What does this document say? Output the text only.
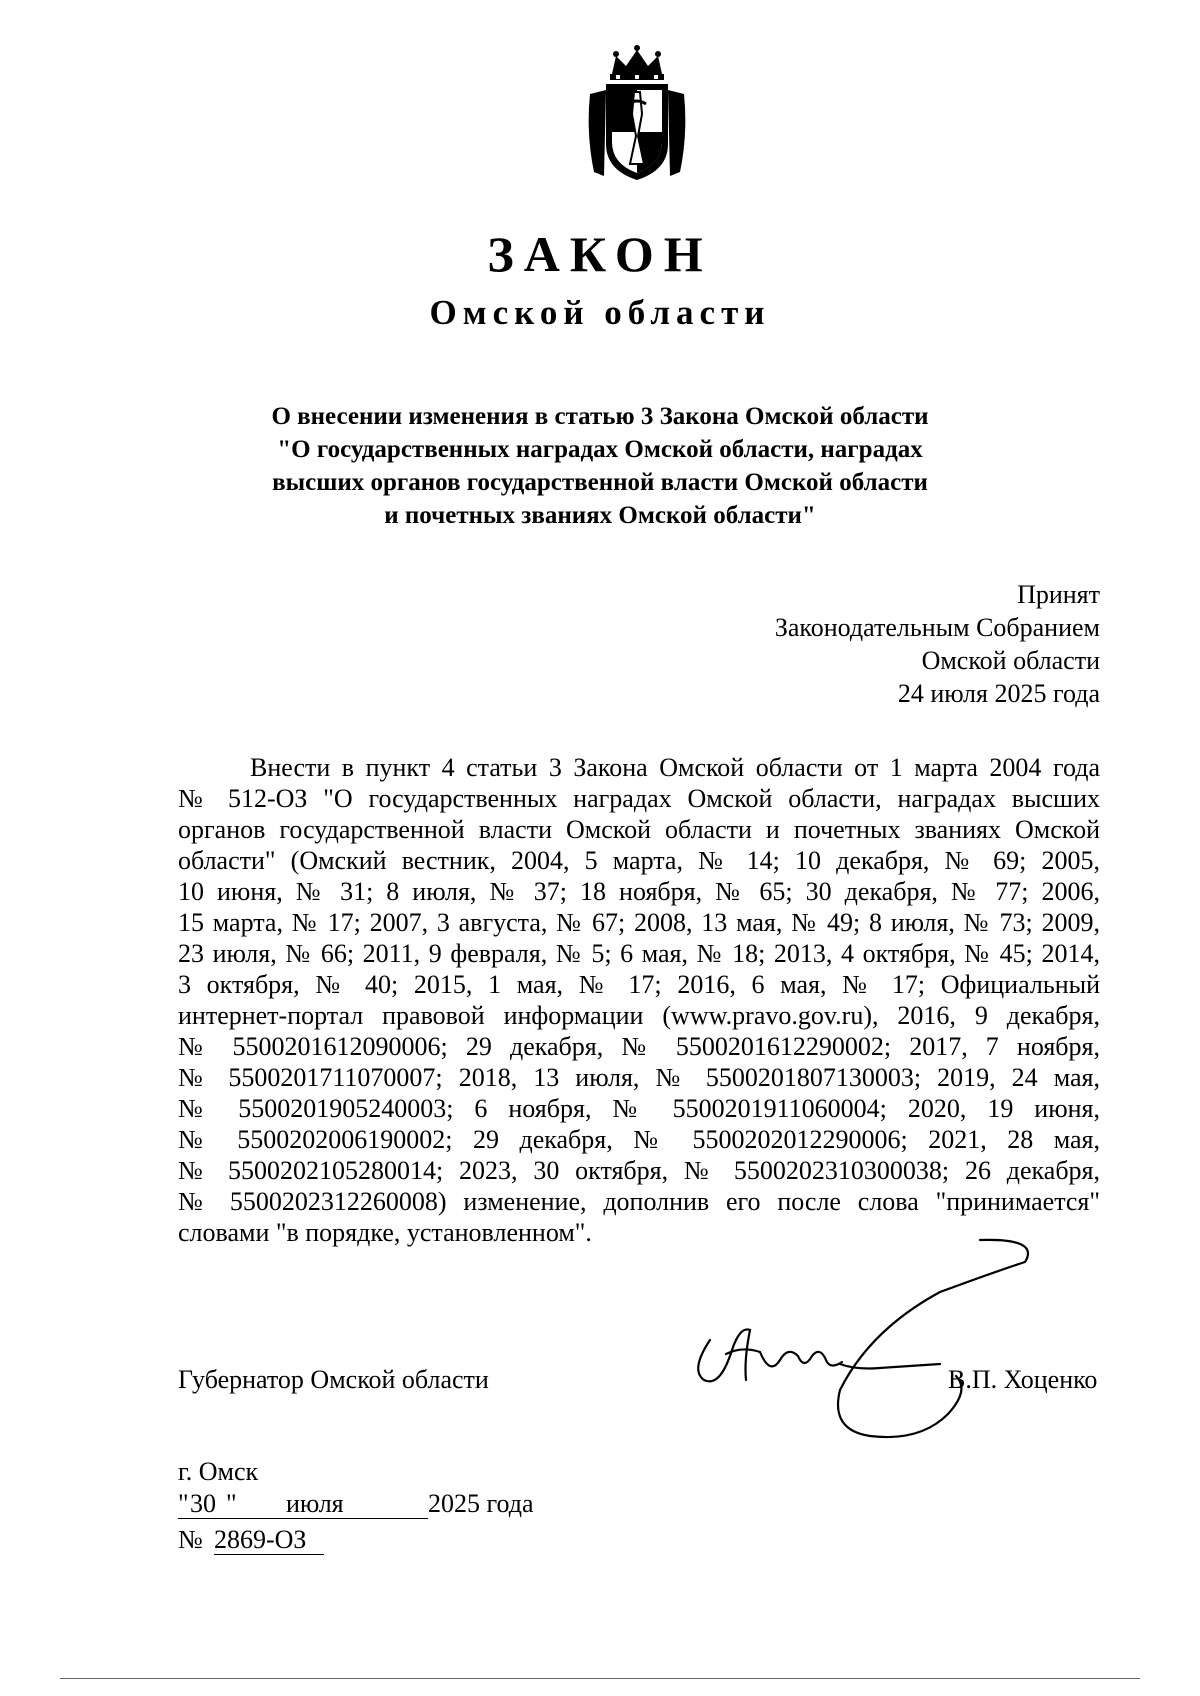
ЗАКОН
Омской области
О внесении изменения в статью 3 Закона Омской области
"О государственных наградах Омской области, наградах
высших органов государственной власти Омской области
и почетных званиях Омской области"
Принят
Законодательным Собранием
Омской области
24 июля 2025 года
Внести в пункт 4 статьи 3 Закона Омской области от 1 марта 2004 года
№ 512-ОЗ "О государственных наградах Омской области, наградах высших
органов государственной власти Омской области и почетных званиях Омской
области" (Омский вестник, 2004, 5 марта, № 14; 10 декабря, № 69; 2005,
10 июня, № 31; 8 июля, № 37; 18 ноября, № 65; 30 декабря, № 77; 2006,
15 марта, № 17; 2007, 3 августа, № 67; 2008, 13 мая, № 49; 8 июля, № 73; 2009,
23 июля, № 66; 2011, 9 февраля, № 5; 6 мая, № 18; 2013, 4 октября, № 45; 2014,
3 октября, № 40; 2015, 1 мая, № 17; 2016, 6 мая, № 17; Официальный
интернет-портал правовой информации (www.pravo.gov.ru), 2016, 9 декабря,
№ 5500201612090006; 29 декабря, № 5500201612290002; 2017, 7 ноября,
№ 5500201711070007; 2018, 13 июля, № 5500201807130003; 2019, 24 мая,
№ 5500201905240003; 6 ноября, № 5500201911060004; 2020, 19 июня,
№ 5500202006190002; 29 декабря, № 5500202012290006; 2021, 28 мая,
№ 5500202105280014; 2023, 30 октября, № 5500202310300038; 26 декабря,
№ 5500202312260008) изменение, дополнив его после слова "принимается"
словами "в порядке, установленном".
Губернатор Омской области	В.П. Хоценко
г. Омск
" 30 " июля	2025 года
№ 2869-ОЗ
